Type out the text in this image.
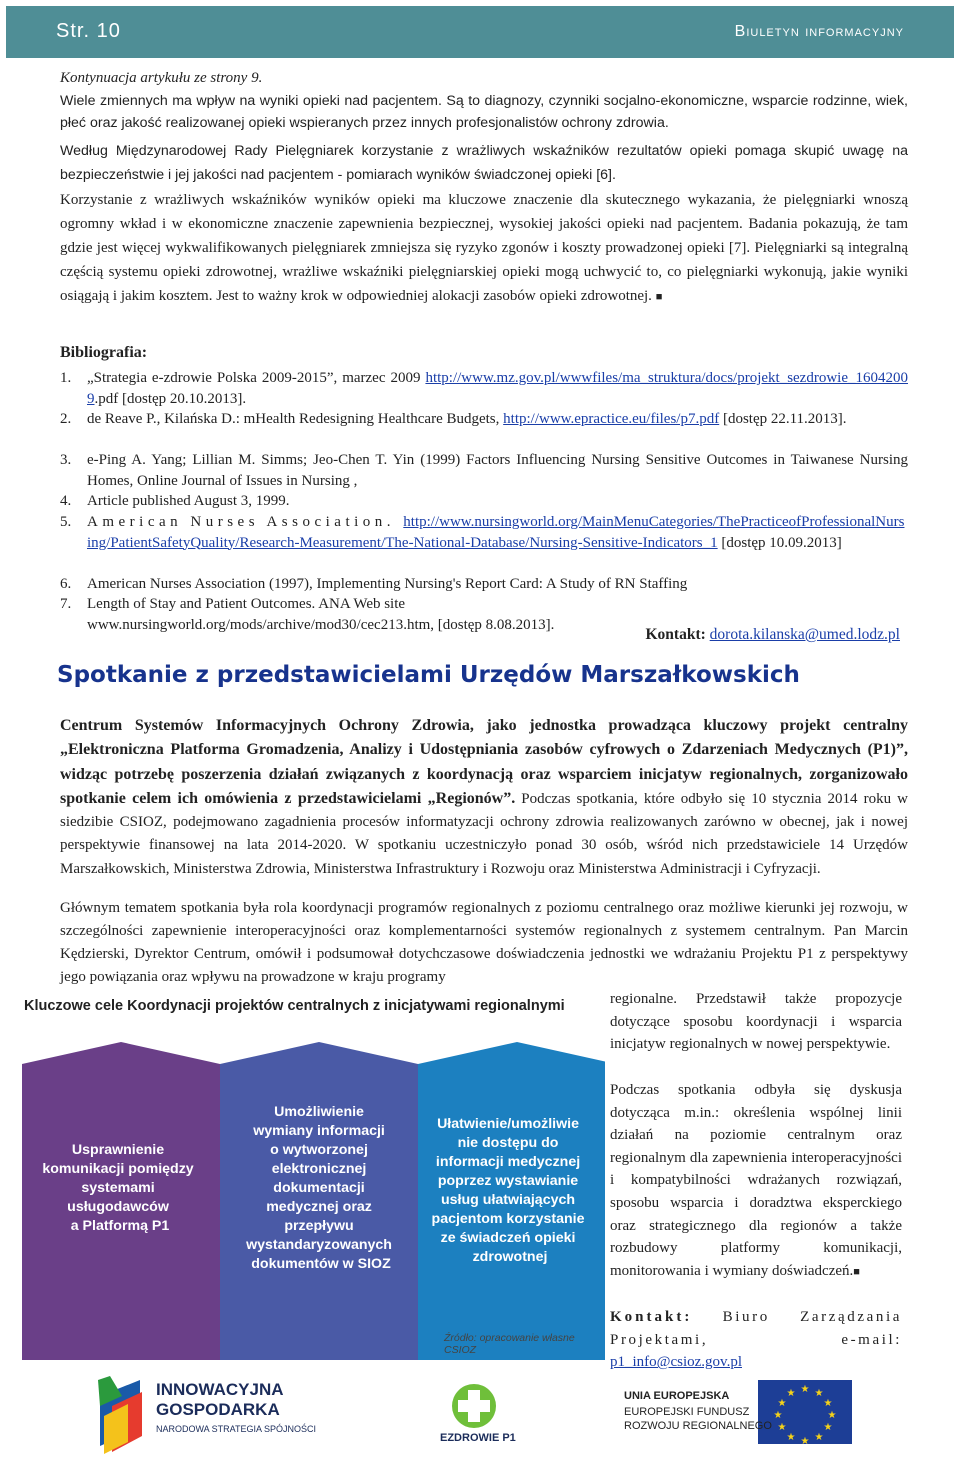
Str. 10	Biuletyn informacyjny
Kontynuacja artykułu ze strony 9.
Wiele zmiennych ma wpływ na wyniki opieki nad pacjentem. Są to diagnozy, czynniki socjalno-ekonomiczne, wsparcie rodzinne, wiek, płeć oraz jakość realizowanej opieki wspieranych przez innych profesjonalistów ochrony zdrowia.
Według Międzynarodowej Rady Pielęgniarek korzystanie z wrażliwych wskaźników rezultatów opieki pomaga skupić uwagę na bezpieczeństwie i jej jakości nad pacjentem - pomiarach wyników świadczonej opieki [6].
Korzystanie z wrażliwych wskaźników wyników opieki ma kluczowe znaczenie dla skutecznego wykazania, że pielęgniarki wnoszą ogromny wkład i w ekonomiczne znaczenie zapewnienia bezpiecznej, wysokiej jakości opieki nad pacjentem. Badania pokazują, że tam gdzie jest więcej wykwalifikowanych pielęgniarek zmniejsza się ryzyko zgonów i koszty prowadzonej opieki [7]. Pielęgniarki są integralną częścią systemu opieki zdrowotnej, wrażliwe wskaźniki pielęgniarskiej opieki mogą uchwycić to, co pielęgniarki wykonują, jakie wyniki osiągają i jakim kosztem. Jest to ważny krok w odpowiedniej alokacji zasobów opieki zdrowotnej. ■
Bibliografia:
1.	„Strategia e-zdrowie Polska 2009-2015”, marzec 2009 http://www.mz.gov.pl/wwwfiles/ma_struktura/docs/projekt_sezdrowie_16042009.pdf [dostęp 20.10.2013].
2.	de Reave P., Kilańska D.: mHealth Redesigning Healthcare Budgets, http://www.epractice.eu/files/p7.pdf [dostęp 22.11.2013].
3.	e-Ping A. Yang; Lillian M. Simms; Jeo-Chen T. Yin (1999) Factors Influencing Nursing Sensitive Outcomes in Taiwanese Nursing Homes, Online Journal of Issues in Nursing ,
4.	Article published August 3, 1999.
5.	American Nurses Association. http://www.nursingworld.org/MainMenuCategories/ThePracticeofProfessionalNursing/PatientSafetyQuality/Research-Measurement/The-National-Database/Nursing-Sensitive-Indicators_1 [dostęp 10.09.2013]
6.	American Nurses Association (1997), Implementing Nursing's Report Card: A Study of RN Staffing
7.	Length of Stay and Patient Outcomes. ANA Web site www.nursingworld.org/mods/archive/mod30/cec213.htm, [dostęp 8.08.2013].
Kontakt: dorota.kilanska@umed.lodz.pl
Spotkanie z przedstawicielami Urzędów Marszałkowskich
Centrum Systemów Informacyjnych Ochrony Zdrowia, jako jednostka prowadząca kluczowy projekt centralny „Elektroniczna Platforma Gromadzenia, Analizy i Udostępniania zasobów cyfrowych o Zdarzeniach Medycznych (P1)”, widząc potrzebę poszerzenia działań związanych z koordynacją oraz wsparciem inicjatyw regionalnych, zorganizowało spotkanie celem ich omówienia z przedstawicielami „Regionów”. Podczas spotkania, które odbyło się 10 stycznia 2014 roku w siedzibie CSIOZ, podejmowano zagadnienia procesów informatyzacji ochrony zdrowia realizowanych zarówno w obecnej, jak i nowej perspektywie finansowej na lata 2014-2020. W spotkaniu uczestniczyło ponad 30 osób, wśród nich przedstawiciele 14 Urzędów Marszałkowskich, Ministerstwa Zdrowia, Ministerstwa Infrastruktury i Rozwoju oraz Ministerstwa Administracji i Cyfryzacji.
Głównym tematem spotkania była rola koordynacji programów regionalnych z poziomu centralnego oraz możliwe kierunki jej rozwoju, w szczególności zapewnienie interoperacyjności oraz komplementarności systemów regionalnych z systemem centralnym. Pan Marcin Kędzierski, Dyrektor Centrum, omówił i podsumował dotychczasowe doświadczenia jednostki we wdrażaniu Projektu P1 z perspektywy jego powiązania oraz wpływu na prowadzone w kraju programy
regionalne. Przedstawił także propozycje dotyczące sposobu koordynacji i wsparcia inicjatyw regionalnych w nowej perspektywie.
Podczas spotkania odbyła się dyskusja dotycząca m.in.: określenia wspólnej linii działań na poziomie centralnym oraz regionalnym dla zapewnienia interoperacyjności i kompatybilności wdrażanych rozwiązań, sposobu wsparcia i doradztwa eksperckiego oraz strategicznego dla regionów a także rozbudowy platformy komunikacji, monitorowania i wymiany doświadczeń.■
Kontakt: Biuro Zarządzania Projektami, e-mail: p1_info@csioz.gov.pl
Kluczowe cele Koordynacji projektów centralnych z inicjatywami regionalnymi
Usprawnienie komunikacji pomiędzy systemami usługodawców a Platformą P1
Umożliwienie wymiany informacji o wytworzonej elektronicznej dokumentacji medycznej oraz przepływu wystandaryzowanych dokumentów w SIOZ
Ułatwienie/umożliwie nie dostępu do informacji medycznej poprzez wystawianie usług ułatwiających pacjentom korzystanie ze świadczeń opieki zdrowotnej
Źródło: opracowanie własne CSIOZ
★ ★
★
★
★
★
★
★
★
★
★
★
INNOWACYJNA
GOSPODARKA
NARODOWA STRATEGIA SPÓJNOŚCI
EZDROWIE P1
UNIA EUROPEJSKA
EUROPEJSKI FUNDUSZ
ROZWOJU REGIONALNEGO
